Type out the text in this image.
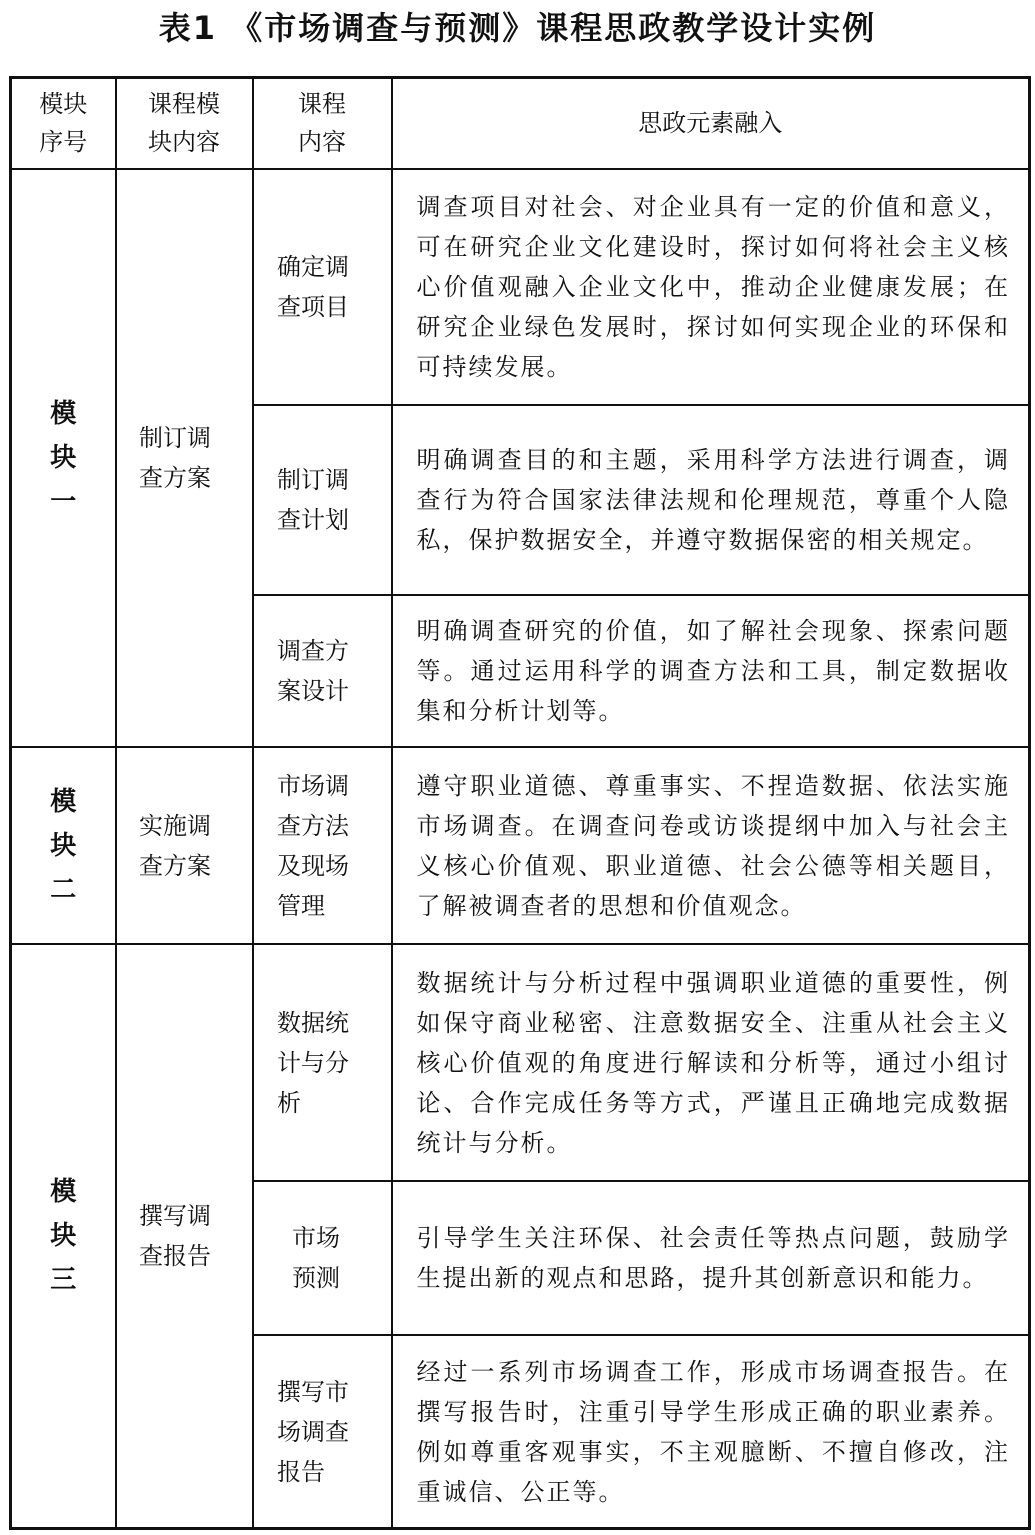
表1 《市场调查与预测》课程思政教学设计实例
模块序号	课程模块内容	课程内容	思政元素融入
模块一	制订调查方案	确定调查项目	调查项目对社会、对企业具有一定的价值和意义，可在研究企业文化建设时，探讨如何将社会主义核心价值观融入企业文化中，推动企业健康发展；在研究企业绿色发展时，探讨如何实现企业的环保和可持续发展。
		制订调查计划	明确调查目的和主题，采用科学方法进行调查，调查行为符合国家法律法规和伦理规范，尊重个人隐私，保护数据安全，并遵守数据保密的相关规定。
		调查方案设计	明确调查研究的价值，如了解社会现象、探索问题等。通过运用科学的调查方法和工具，制定数据收集和分析计划等。
模块二	实施调查方案	市场调查方法及现场管理	遵守职业道德、尊重事实、不捏造数据、依法实施市场调查。在调查问卷或访谈提纲中加入与社会主义核心价值观、职业道德、社会公德等相关题目，了解被调查者的思想和价值观念。
模块三	撰写调查报告	数据统计与分析	数据统计与分析过程中强调职业道德的重要性，例如保守商业秘密、注意数据安全、注重从社会主义核心价值观的角度进行解读和分析等，通过小组讨论、合作完成任务等方式，严谨且正确地完成数据统计与分析。
		市场预测	引导学生关注环保、社会责任等热点问题，鼓励学生提出新的观点和思路，提升其创新意识和能力。
		撰写市场调查报告	经过一系列市场调查工作，形成市场调查报告。在撰写报告时，注重引导学生形成正确的职业素养。例如尊重客观事实，不主观臆断、不擅自修改，注重诚信、公正等。
